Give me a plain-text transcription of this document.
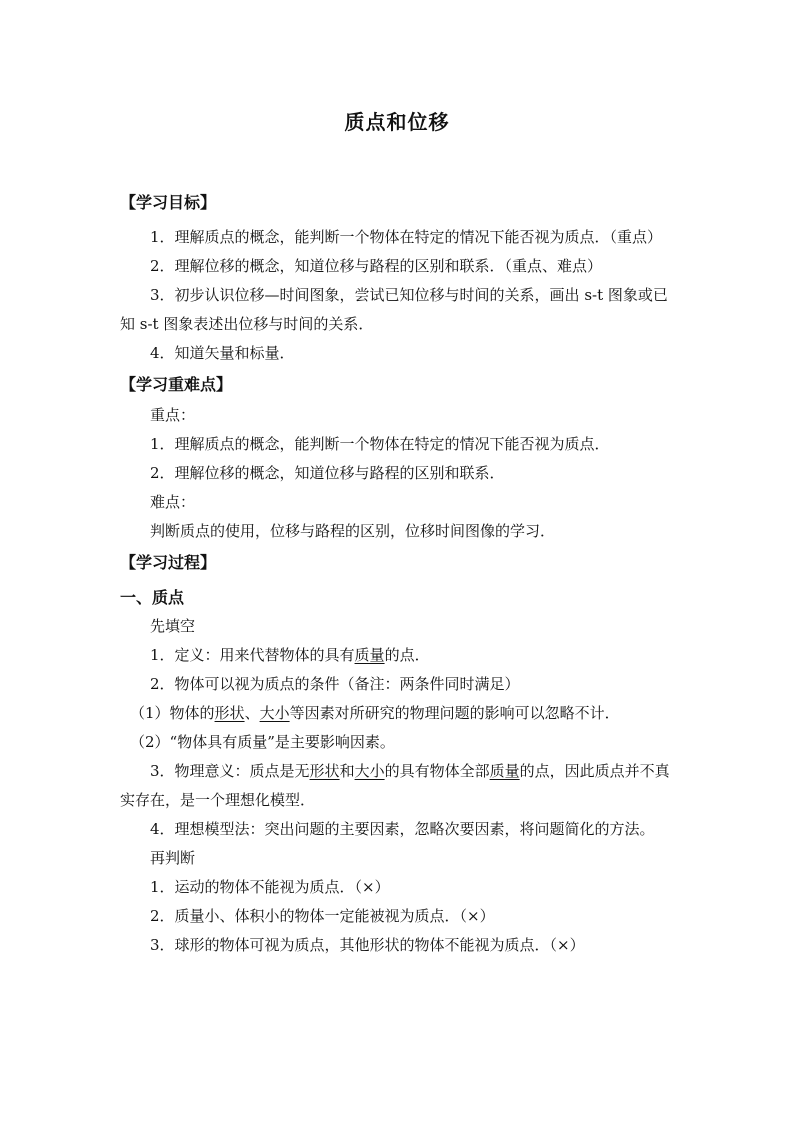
质点和位移
【学习目标】
1．理解质点的概念，能判断一个物体在特定的情况下能否视为质点．（重点）
2．理解位移的概念，知道位移与路程的区别和联系．（重点、难点）
3．初步认识位移—时间图象，尝试已知位移与时间的关系，画出 s-t 图象或已知 s-t 图象表述出位移与时间的关系．
4．知道矢量和标量．
【学习重难点】
重点：
1．理解质点的概念，能判断一个物体在特定的情况下能否视为质点．
2．理解位移的概念，知道位移与路程的区别和联系．
难点：
判断质点的使用，位移与路程的区别，位移时间图像的学习．
【学习过程】
一、质点
先填空
1．定义：用来代替物体的具有质量的点．
2．物体可以视为质点的条件（备注：两条件同时满足）
（1）物体的形状、大小等因素对所研究的物理问题的影响可以忽略不计．
（2）“物体具有质量”是主要影响因素。
3．物理意义：质点是无形状和大小的具有物体全部质量的点，因此质点并不真实存在，是一个理想化模型．
4．理想模型法：突出问题的主要因素，忽略次要因素，将问题简化的方法。
再判断
1．运动的物体不能视为质点．（×）
2．质量小、体积小的物体一定能被视为质点．（×）
3．球形的物体可视为质点，其他形状的物体不能视为质点．（×）
